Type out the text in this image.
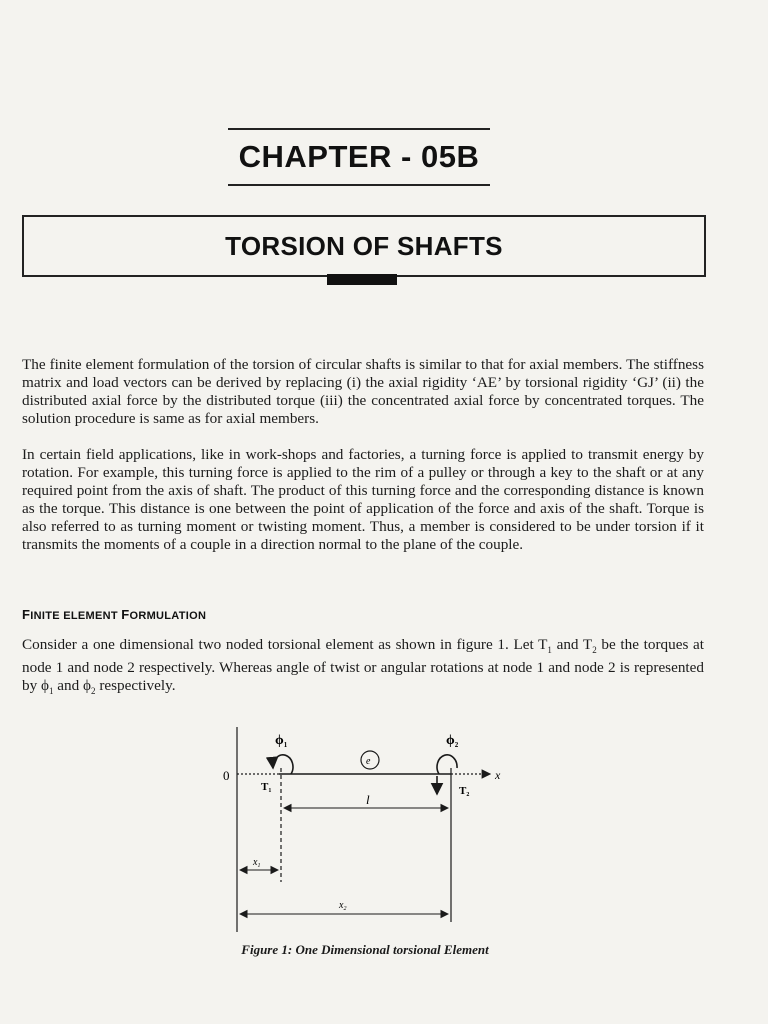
CHAPTER - 05B
TORSION OF SHAFTS

The finite element formulation of the torsion of circular shafts is similar to that for axial members. The stiffness matrix and load vectors can be derived by replacing (i) the axial rigidity ‘AE’ by torsional rigidity ‘GJ’ (ii) the distributed axial force by the distributed torque (iii) the concentrated axial force by concentrated torques. The solution procedure is same as for axial members.

In certain field applications, like in work-shops and factories, a turning force is applied to transmit energy by rotation. For example, this turning force is applied to the rim of a pulley or through a key to the shaft or at any required point from the axis of shaft. The product of this turning force and the corresponding distance is known as the torque. This distance is one between the point of application of the force and axis of the shaft. Torque is also referred to as turning moment or twisting moment. Thus, a member is considered to be under torsion if it transmits the moments of a couple in a direction normal to the plane of the couple.

FINITE ELEMENT FORMULATION

Consider a one dimensional two noded torsional element as shown in figure 1. Let $T_1$ and $T_2$ be the torques at node 1 and node 2 respectively. Whereas angle of twist or angular rotations at node 1 and node 2 is represented by $\phi_1$ and $\phi_2$ respectively.

0	x
$\phi_1$	$\phi_2$
e
T1	T2
l
$x_1$
$x_2$
Figure 1: One Dimensional torsional Element
